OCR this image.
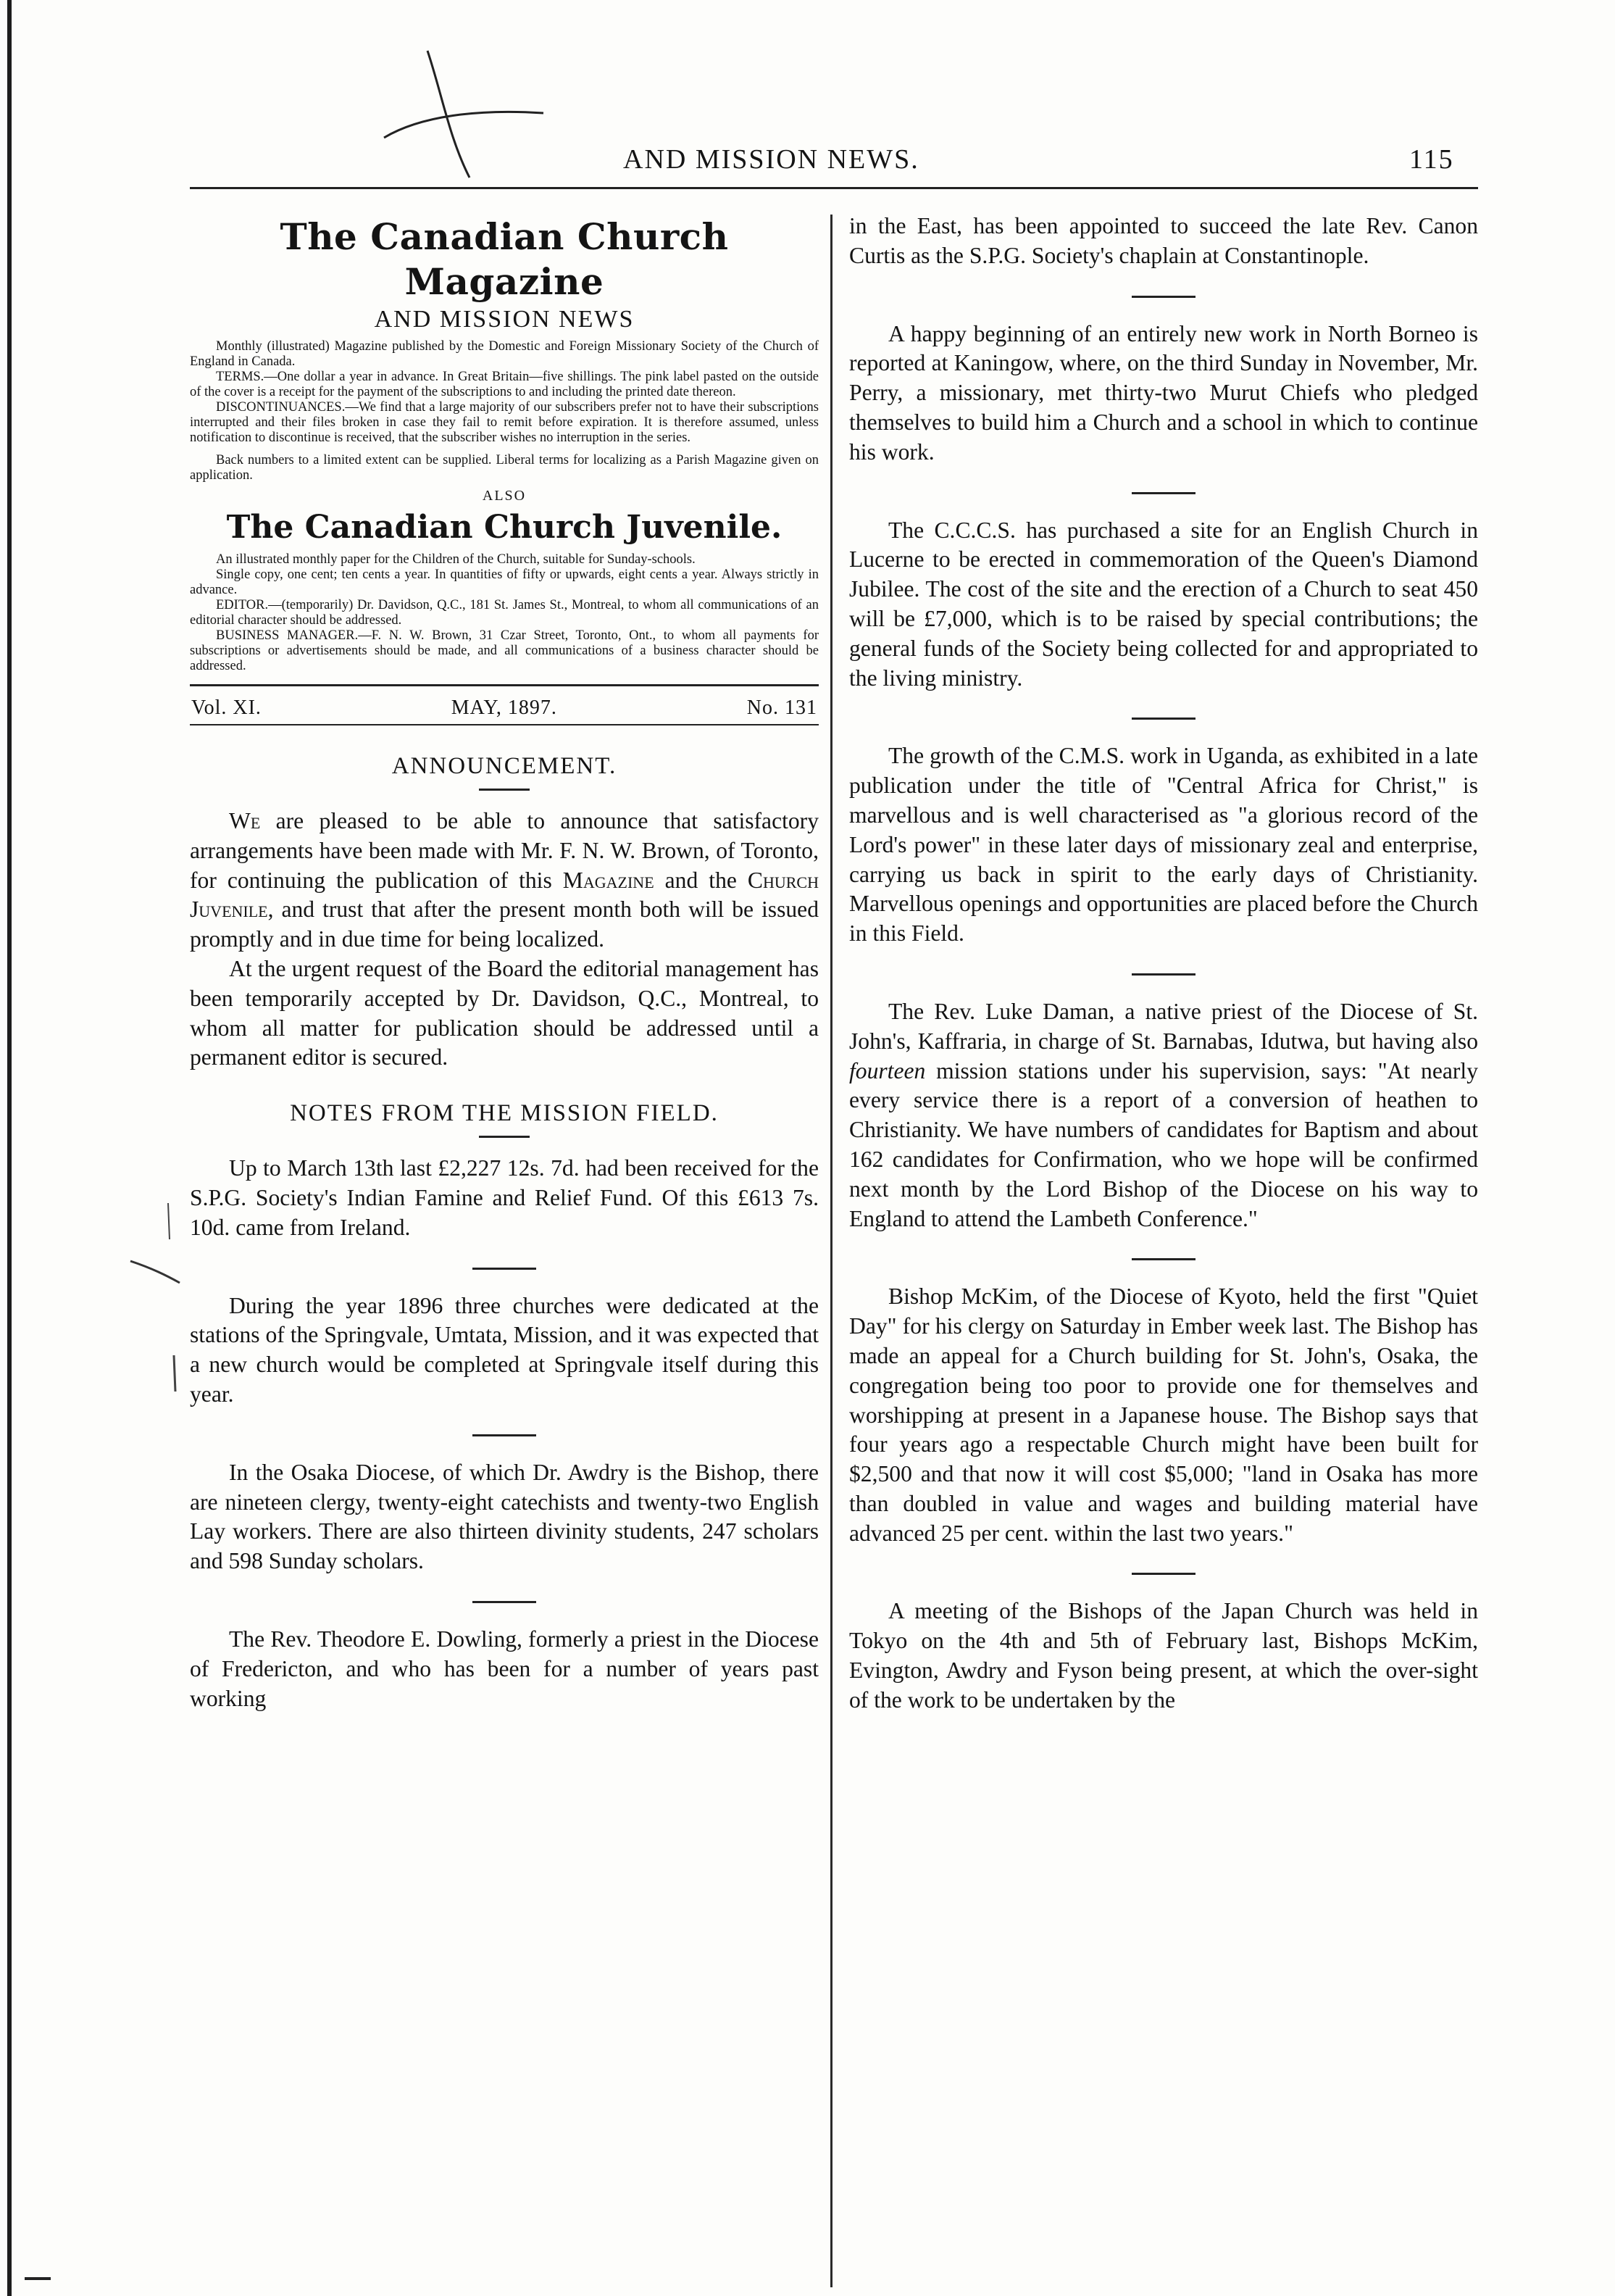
AND MISSION NEWS.	115
The Canadian Church Magazine
AND MISSION NEWS

Monthly (illustrated) Magazine published by the Domestic and Foreign Missionary Society of the Church of England in Canada.

TERMS.—One dollar a year in advance. In Great Britain—five shillings. The pink label pasted on the outside of the cover is a receipt for the payment of the subscriptions to and including the printed date thereon.

DISCONTINUANCES.—We find that a large majority of our subscribers prefer not to have their subscriptions interrupted and their files broken in case they fail to remit before expiration. It is therefore assumed, unless notification to discontinue is received, that the subscriber wishes no interruption in the series.

Back numbers to a limited extent can be supplied. Liberal terms for localizing as a Parish Magazine given on application.

ALSO
The Canadian Church Juvenile.

An illustrated monthly paper for the Children of the Church, suitable for Sunday-schools.

Single copy, one cent; ten cents a year. In quantities of fifty or upwards, eight cents a year. Always strictly in advance.

EDITOR.—(temporarily) Dr. Davidson, Q.C., 181 St. James St., Montreal, to whom all communications of an editorial character should be addressed.

BUSINESS MANAGER.—F. N. W. Brown, 31 Czar Street, Toronto, Ont., to whom all payments for subscriptions or advertisements should be made, and all communications of a business character should be addressed.

Vol. XI.	MAY, 1897.	No. 131
ANNOUNCEMENT.

We are pleased to be able to announce that satisfactory arrangements have been made with Mr. F. N. W. Brown, of Toronto, for continuing the publication of this Magazine and the Church Juvenile, and trust that after the present month both will be issued promptly and in due time for being localized.

At the urgent request of the Board the editorial management has been temporarily accepted by Dr. Davidson, Q.C., Montreal, to whom all matter for publication should be addressed until a permanent editor is secured.

NOTES FROM THE MISSION FIELD.

Up to March 13th last £2,227 12s. 7d. had been received for the S.P.G. Society's Indian Famine and Relief Fund. Of this £613 7s. 10d. came from Ireland.

During the year 1896 three churches were dedicated at the stations of the Springvale, Umtata, Mission, and it was expected that a new church would be completed at Springvale itself during this year.

In the Osaka Diocese, of which Dr. Awdry is the Bishop, there are nineteen clergy, twenty-eight catechists and twenty-two English Lay workers. There are also thirteen divinity students, 247 scholars and 598 Sunday scholars.

The Rev. Theodore E. Dowling, formerly a priest in the Diocese of Fredericton, and who has been for a number of years past working

in the East, has been appointed to succeed the late Rev. Canon Curtis as the S.P.G. Society's chaplain at Constantinople.

A happy beginning of an entirely new work in North Borneo is reported at Kaningow, where, on the third Sunday in November, Mr. Perry, a missionary, met thirty-two Murut Chiefs who pledged themselves to build him a Church and a school in which to continue his work.

The C.C.C.S. has purchased a site for an English Church in Lucerne to be erected in commemoration of the Queen's Diamond Jubilee. The cost of the site and the erection of a Church to seat 450 will be £7,000, which is to be raised by special contributions; the general funds of the Society being collected for and appropriated to the living ministry.

The growth of the C.M.S. work in Uganda, as exhibited in a late publication under the title of "Central Africa for Christ," is marvellous and is well characterised as "a glorious record of the Lord's power" in these later days of missionary zeal and enterprise, carrying us back in spirit to the early days of Christianity. Marvellous openings and opportunities are placed before the Church in this Field.

The Rev. Luke Daman, a native priest of the Diocese of St. John's, Kaffraria, in charge of St. Barnabas, Idutwa, but having also fourteen mission stations under his supervision, says: "At nearly every service there is a report of a conversion of heathen to Christianity. We have numbers of candidates for Baptism and about 162 candidates for Confirmation, who we hope will be confirmed next month by the Lord Bishop of the Diocese on his way to England to attend the Lambeth Conference."

Bishop McKim, of the Diocese of Kyoto, held the first "Quiet Day" for his clergy on Saturday in Ember week last. The Bishop has made an appeal for a Church building for St. John's, Osaka, the congregation being too poor to provide one for themselves and worshipping at present in a Japanese house. The Bishop says that four years ago a respectable Church might have been built for $2,500 and that now it will cost $5,000; "land in Osaka has more than doubled in value and wages and building material have advanced 25 per cent. within the last two years."

A meeting of the Bishops of the Japan Church was held in Tokyo on the 4th and 5th of February last, Bishops McKim, Evington, Awdry and Fyson being present, at which the over-sight of the work to be undertaken by the
